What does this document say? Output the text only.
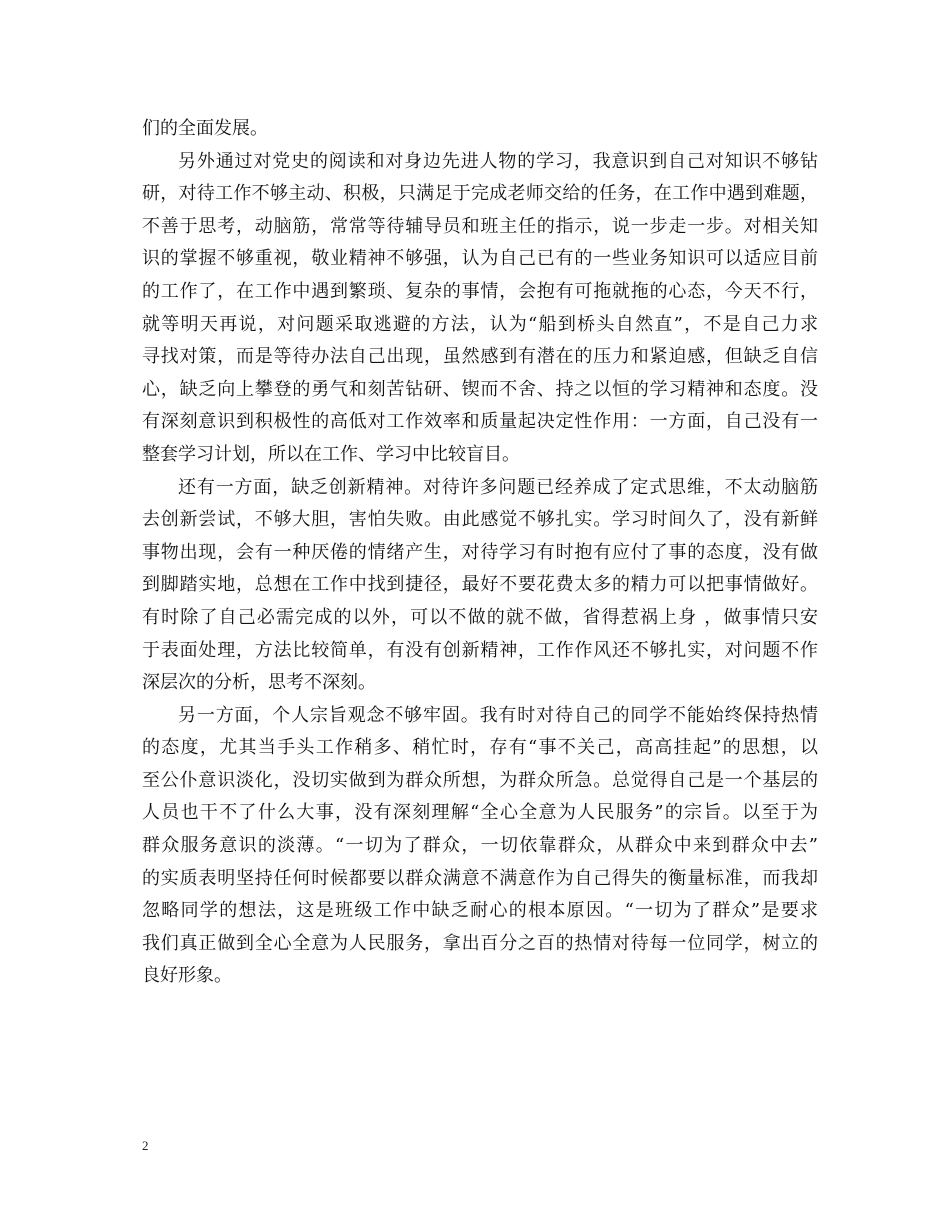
们的全面发展。
另外通过对党史的阅读和对身边先进人物的学习，我意识到自己对知识不够钻
研，对待工作不够主动、积极，只满足于完成老师交给的任务，在工作中遇到难题，
不善于思考，动脑筋，常常等待辅导员和班主任的指示，说一步走一步。对相关知
识的掌握不够重视，敬业精神不够强，认为自己已有的一些业务知识可以适应目前
的工作了，在工作中遇到繁琐、复杂的事情，会抱有可拖就拖的心态，今天不行，
就等明天再说，对问题采取逃避的方法，认为“船到桥头自然直”，不是自己力求
寻找对策，而是等待办法自己出现，虽然感到有潜在的压力和紧迫感，但缺乏自信
心，缺乏向上攀登的勇气和刻苦钻研、锲而不舍、持之以恒的学习精神和态度。没
有深刻意识到积极性的高低对工作效率和质量起决定性作用：一方面，自己没有一
整套学习计划，所以在工作、学习中比较盲目。
还有一方面，缺乏创新精神。对待许多问题已经养成了定式思维，不太动脑筋
去创新尝试，不够大胆，害怕失败。由此感觉不够扎实。学习时间久了，没有新鲜
事物出现，会有一种厌倦的情绪产生，对待学习有时抱有应付了事的态度，没有做
到脚踏实地，总想在工作中找到捷径，最好不要花费太多的精力可以把事情做好。
有时除了自己必需完成的以外，可以不做的就不做，省得惹祸上身 ，做事情只安
于表面处理，方法比较简单，有没有创新精神，工作作风还不够扎实，对问题不作
深层次的分析，思考不深刻。
另一方面，个人宗旨观念不够牢固。我有时对待自己的同学不能始终保持热情
的态度，尤其当手头工作稍多、稍忙时，存有“事不关己，高高挂起”的思想，以
至公仆意识淡化，没切实做到为群众所想，为群众所急。总觉得自己是一个基层的
人员也干不了什么大事，没有深刻理解“全心全意为人民服务”的宗旨。以至于为
群众服务意识的淡薄。“一切为了群众，一切依靠群众，从群众中来到群众中去”
的实质表明坚持任何时候都要以群众满意不满意作为自己得失的衡量标准，而我却
忽略同学的想法，这是班级工作中缺乏耐心的根本原因。“一切为了群众”是要求
我们真正做到全心全意为人民服务，拿出百分之百的热情对待每一位同学，树立的
良好形象。
2
